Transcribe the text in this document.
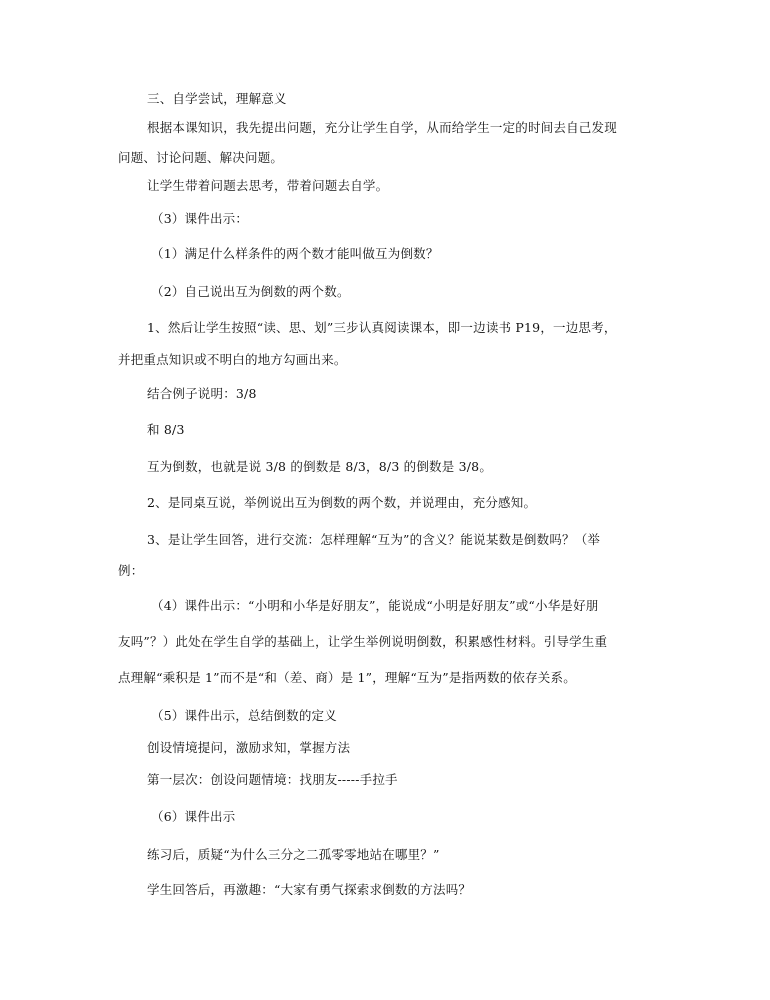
三、自学尝试，理解意义
根据本课知识，我先提出问题，充分让学生自学，从而给学生一定的时间去自己发现
问题、讨论问题、解决问题。
让学生带着问题去思考，带着问题去自学。
（3）课件出示：
（1）满足什么样条件的两个数才能叫做互为倒数？
（2）自己说出互为倒数的两个数。
1、然后让学生按照“读、思、划”三步认真阅读课本，即一边读书 P19，一边思考，
并把重点知识或不明白的地方勾画出来。
结合例子说明：3/8
和 8/3
互为倒数，也就是说 3/8 的倒数是 8/3，8/3 的倒数是 3/8。
2、是同桌互说，举例说出互为倒数的两个数，并说理由，充分感知。
3、是让学生回答，进行交流：怎样理解“互为”的含义？能说某数是倒数吗？（举
例：
（4）课件出示：“小明和小华是好朋友”，能说成“小明是好朋友”或“小华是好朋
友吗”？）此处在学生自学的基础上，让学生举例说明倒数，积累感性材料。引导学生重
点理解“乘积是 1”而不是“和（差、商）是 1”，理解“互为”是指两数的依存关系。
（5）课件出示，总结倒数的定义
创设情境提问，激励求知，掌握方法
第一层次：创设问题情境：找朋友-----手拉手
（6）课件出示
练习后，质疑“为什么三分之二孤零零地站在哪里？”
学生回答后，再激趣：“大家有勇气探索求倒数的方法吗？
